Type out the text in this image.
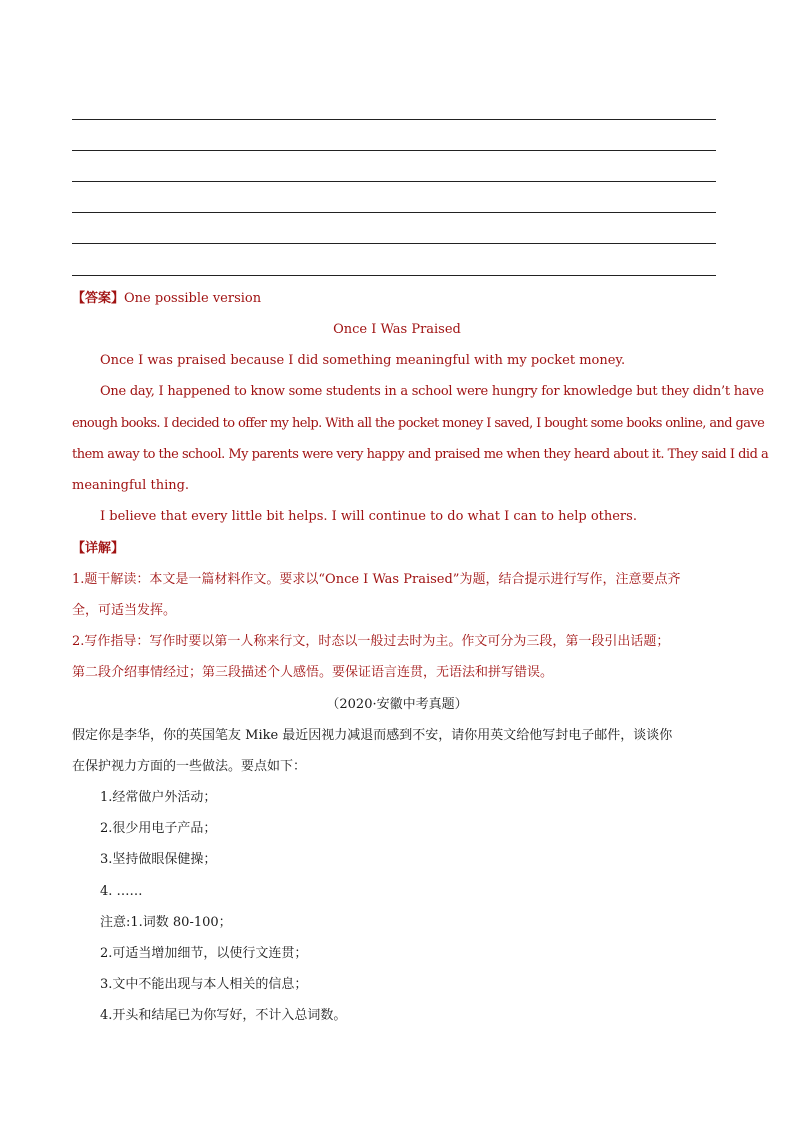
【答案】One possible version
Once I Was Praised
Once I was praised because I did something meaningful with my pocket money.
One day, I happened to know some students in a school were hungry for knowledge but they didn’t have
enough books. I decided to offer my help. With all the pocket money I saved, I bought some books online, and gave
them away to the school. My parents were very happy and praised me when they heard about it. They said I did a
meaningful thing.
I believe that every little bit helps. I will continue to do what I can to help others.
【详解】
1.题干解读：本文是一篇材料作文。要求以“Once I Was Praised”为题，结合提示进行写作，注意要点齐
全，可适当发挥。
2.写作指导：写作时要以第一人称来行文，时态以一般过去时为主。作文可分为三段，第一段引出话题；
第二段介绍事情经过；第三段描述个人感悟。要保证语言连贯，无语法和拼写错误。
（2020·安徽中考真题）
假定你是李华，你的英国笔友 Mike 最近因视力减退而感到不安，请你用英文给他写封电子邮件，谈谈你
在保护视力方面的一些做法。要点如下：
1.经常做户外活动；
2.很少用电子产品；
3.坚持做眼保健操；
4. ……
注意:1.词数 80-100；
2.可适当增加细节，以使行文连贯；
3.文中不能出现与本人相关的信息；
4.开头和结尾已为你写好，不计入总词数。
